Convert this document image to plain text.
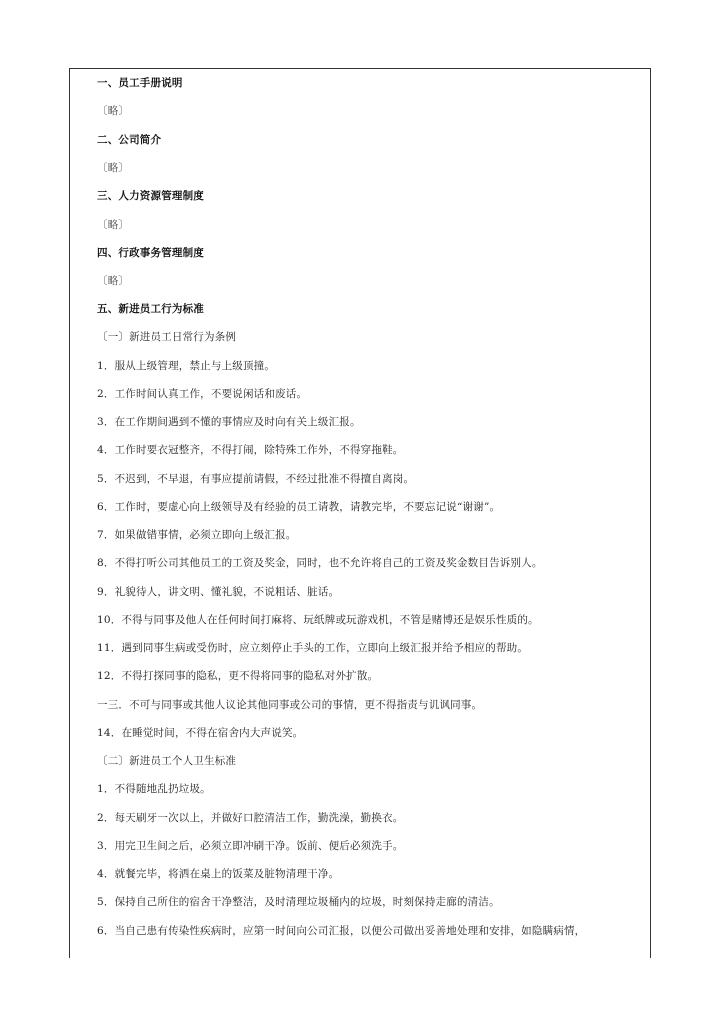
一、员工手册说明
〔略〕
二、公司简介
〔略〕
三、人力资源管理制度
〔略〕
四、行政事务管理制度
〔略〕
五、新进员工行为标准
〔一〕新进员工日常行为条例
1．服从上级管理，禁止与上级顶撞。
2．工作时间认真工作，不要说闲话和废话。
3．在工作期间遇到不懂的事情应及时向有关上级汇报。
4．工作时要衣冠整齐，不得打闹，除特殊工作外，不得穿拖鞋。
5．不迟到，不早退，有事应提前请假，不经过批准不得擅自离岗。
6．工作时，要虚心向上级领导及有经验的员工请教，请教完毕，不要忘记说“谢谢”。
7．如果做错事情，必须立即向上级汇报。
8．不得打听公司其他员工的工资及奖金，同时，也不允许将自己的工资及奖金数目告诉别人。
9．礼貌待人，讲文明、懂礼貌，不说粗话、脏话。
10．不得与同事及他人在任何时间打麻将、玩纸牌或玩游戏机，不管是赌博还是娱乐性质的。
11．遇到同事生病或受伤时，应立刻停止手头的工作，立即向上级汇报并给予相应的帮助。
12．不得打探同事的隐私，更不得将同事的隐私对外扩散。
一三．不可与同事或其他人议论其他同事或公司的事情，更不得指责与讥讽同事。
14．在睡觉时间，不得在宿舍内大声说笑。
〔二〕新进员工个人卫生标准
1．不得随地乱扔垃圾。
2．每天刷牙一次以上，并做好口腔清洁工作，勤洗澡，勤换衣。
3．用完卫生间之后，必须立即冲刷干净。饭前、便后必须洗手。
4．就餐完毕，将洒在桌上的饭菜及脏物清理干净。
5．保持自己所住的宿舍干净整洁，及时清理垃圾桶内的垃圾，时刻保持走廊的清洁。
6．当自己患有传染性疾病时，应第一时间向公司汇报，以便公司做出妥善地处理和安排，如隐瞒病情，
